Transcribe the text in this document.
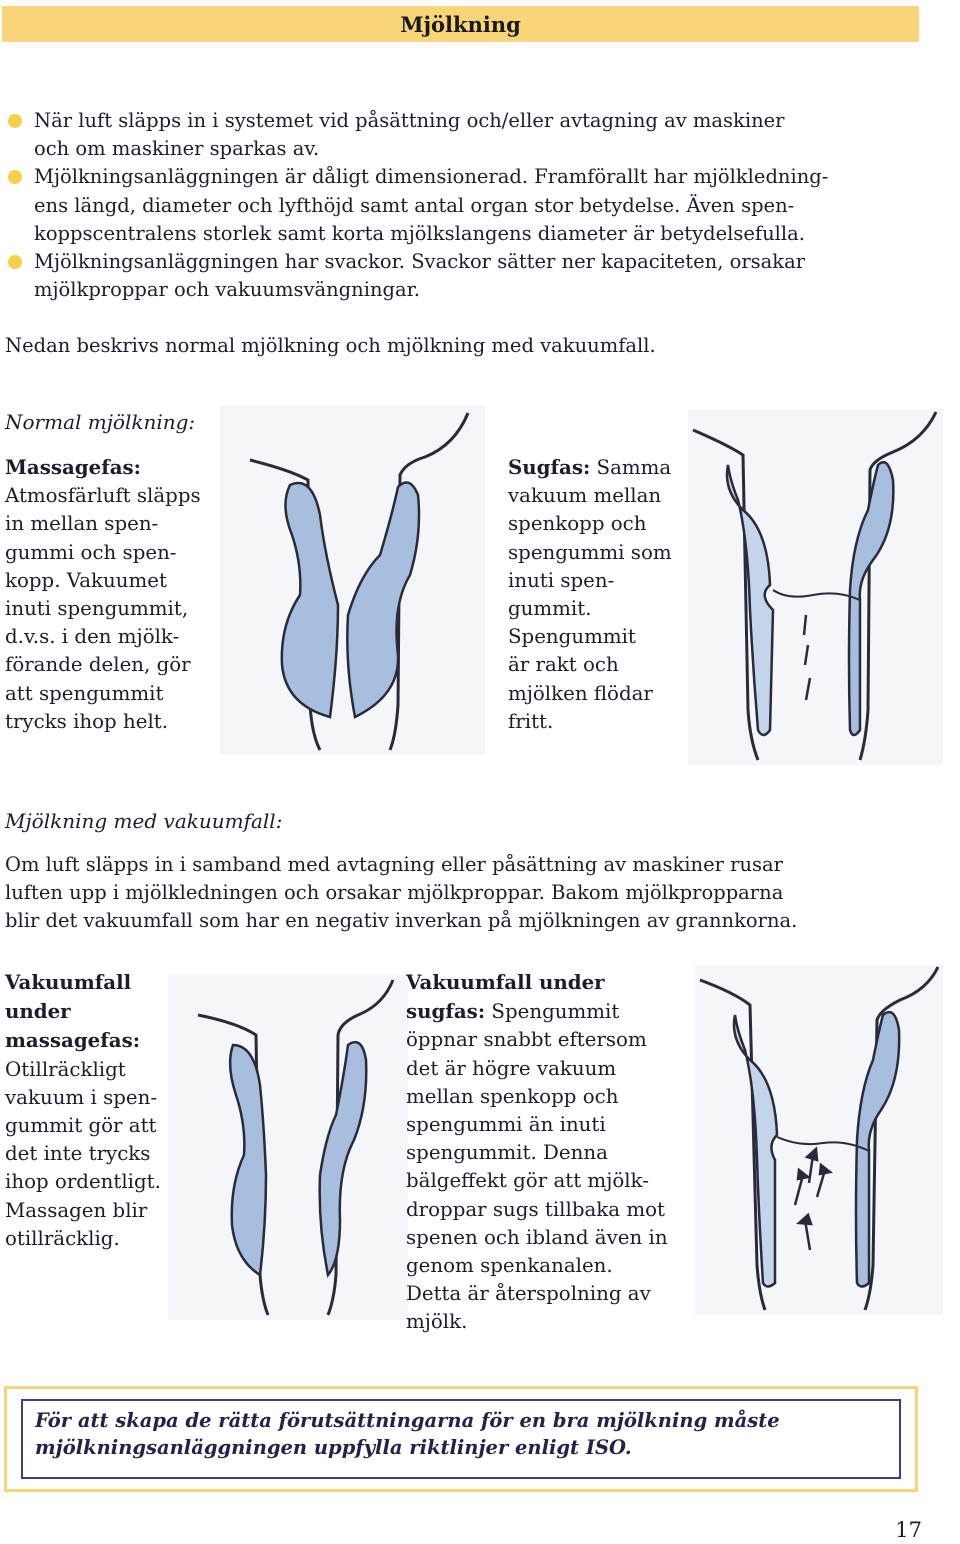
Mjölkning
När luft släpps in i systemet vid påsättning och/eller avtagning av maskiner
och om maskiner sparkas av.
Mjölkningsanläggningen är dåligt dimensionerad. Framförallt har mjölkledning-
ens längd, diameter och lyfthöjd samt antal organ stor betydelse. Även spen-
koppscentralens storlek samt korta mjölkslangens diameter är betydelsefulla.
Mjölkningsanläggningen har svackor. Svackor sätter ner kapaciteten, orsakar
mjölkproppar och vakuumsvängningar.
Nedan beskrivs normal mjölkning och mjölkning med vakuumfall.
Normal mjölkning:
Massagefas:
Atmosfärluft släpps
in mellan spen-
gummi och spen-
kopp. Vakuumet
inuti spengummit,
d.v.s. i den mjölk-
förande delen, gör
att spengummit
trycks ihop helt.
Sugfas: Samma
vakuum mellan
spenkopp och
spengummi som
inuti spen-
gummit.
Spengummit
är rakt och
mjölken flödar
fritt.
Mjölkning med vakuumfall:
Om luft släpps in i samband med avtagning eller påsättning av maskiner rusar
luften upp i mjölkledningen och orsakar mjölkproppar. Bakom mjölkpropparna
blir det vakuumfall som har en negativ inverkan på mjölkningen av grannkorna.
Vakuumfall
under
massagefas:
Otillräckligt
vakuum i spen-
gummit gör att
det inte trycks
ihop ordentligt.
Massagen blir
otillräcklig.
Vakuumfall under
sugfas: Spengummit
öppnar snabbt eftersom
det är högre vakuum
mellan spenkopp och
spengummi än inuti
spengummit. Denna
bälgeffekt gör att mjölk-
droppar sugs tillbaka mot
spenen och ibland även in
genom spenkanalen.
Detta är återspolning av
mjölk.
För att skapa de rätta förutsättningarna för en bra mjölkning måste
mjölkningsanläggningen uppfylla riktlinjer enligt ISO.
17
